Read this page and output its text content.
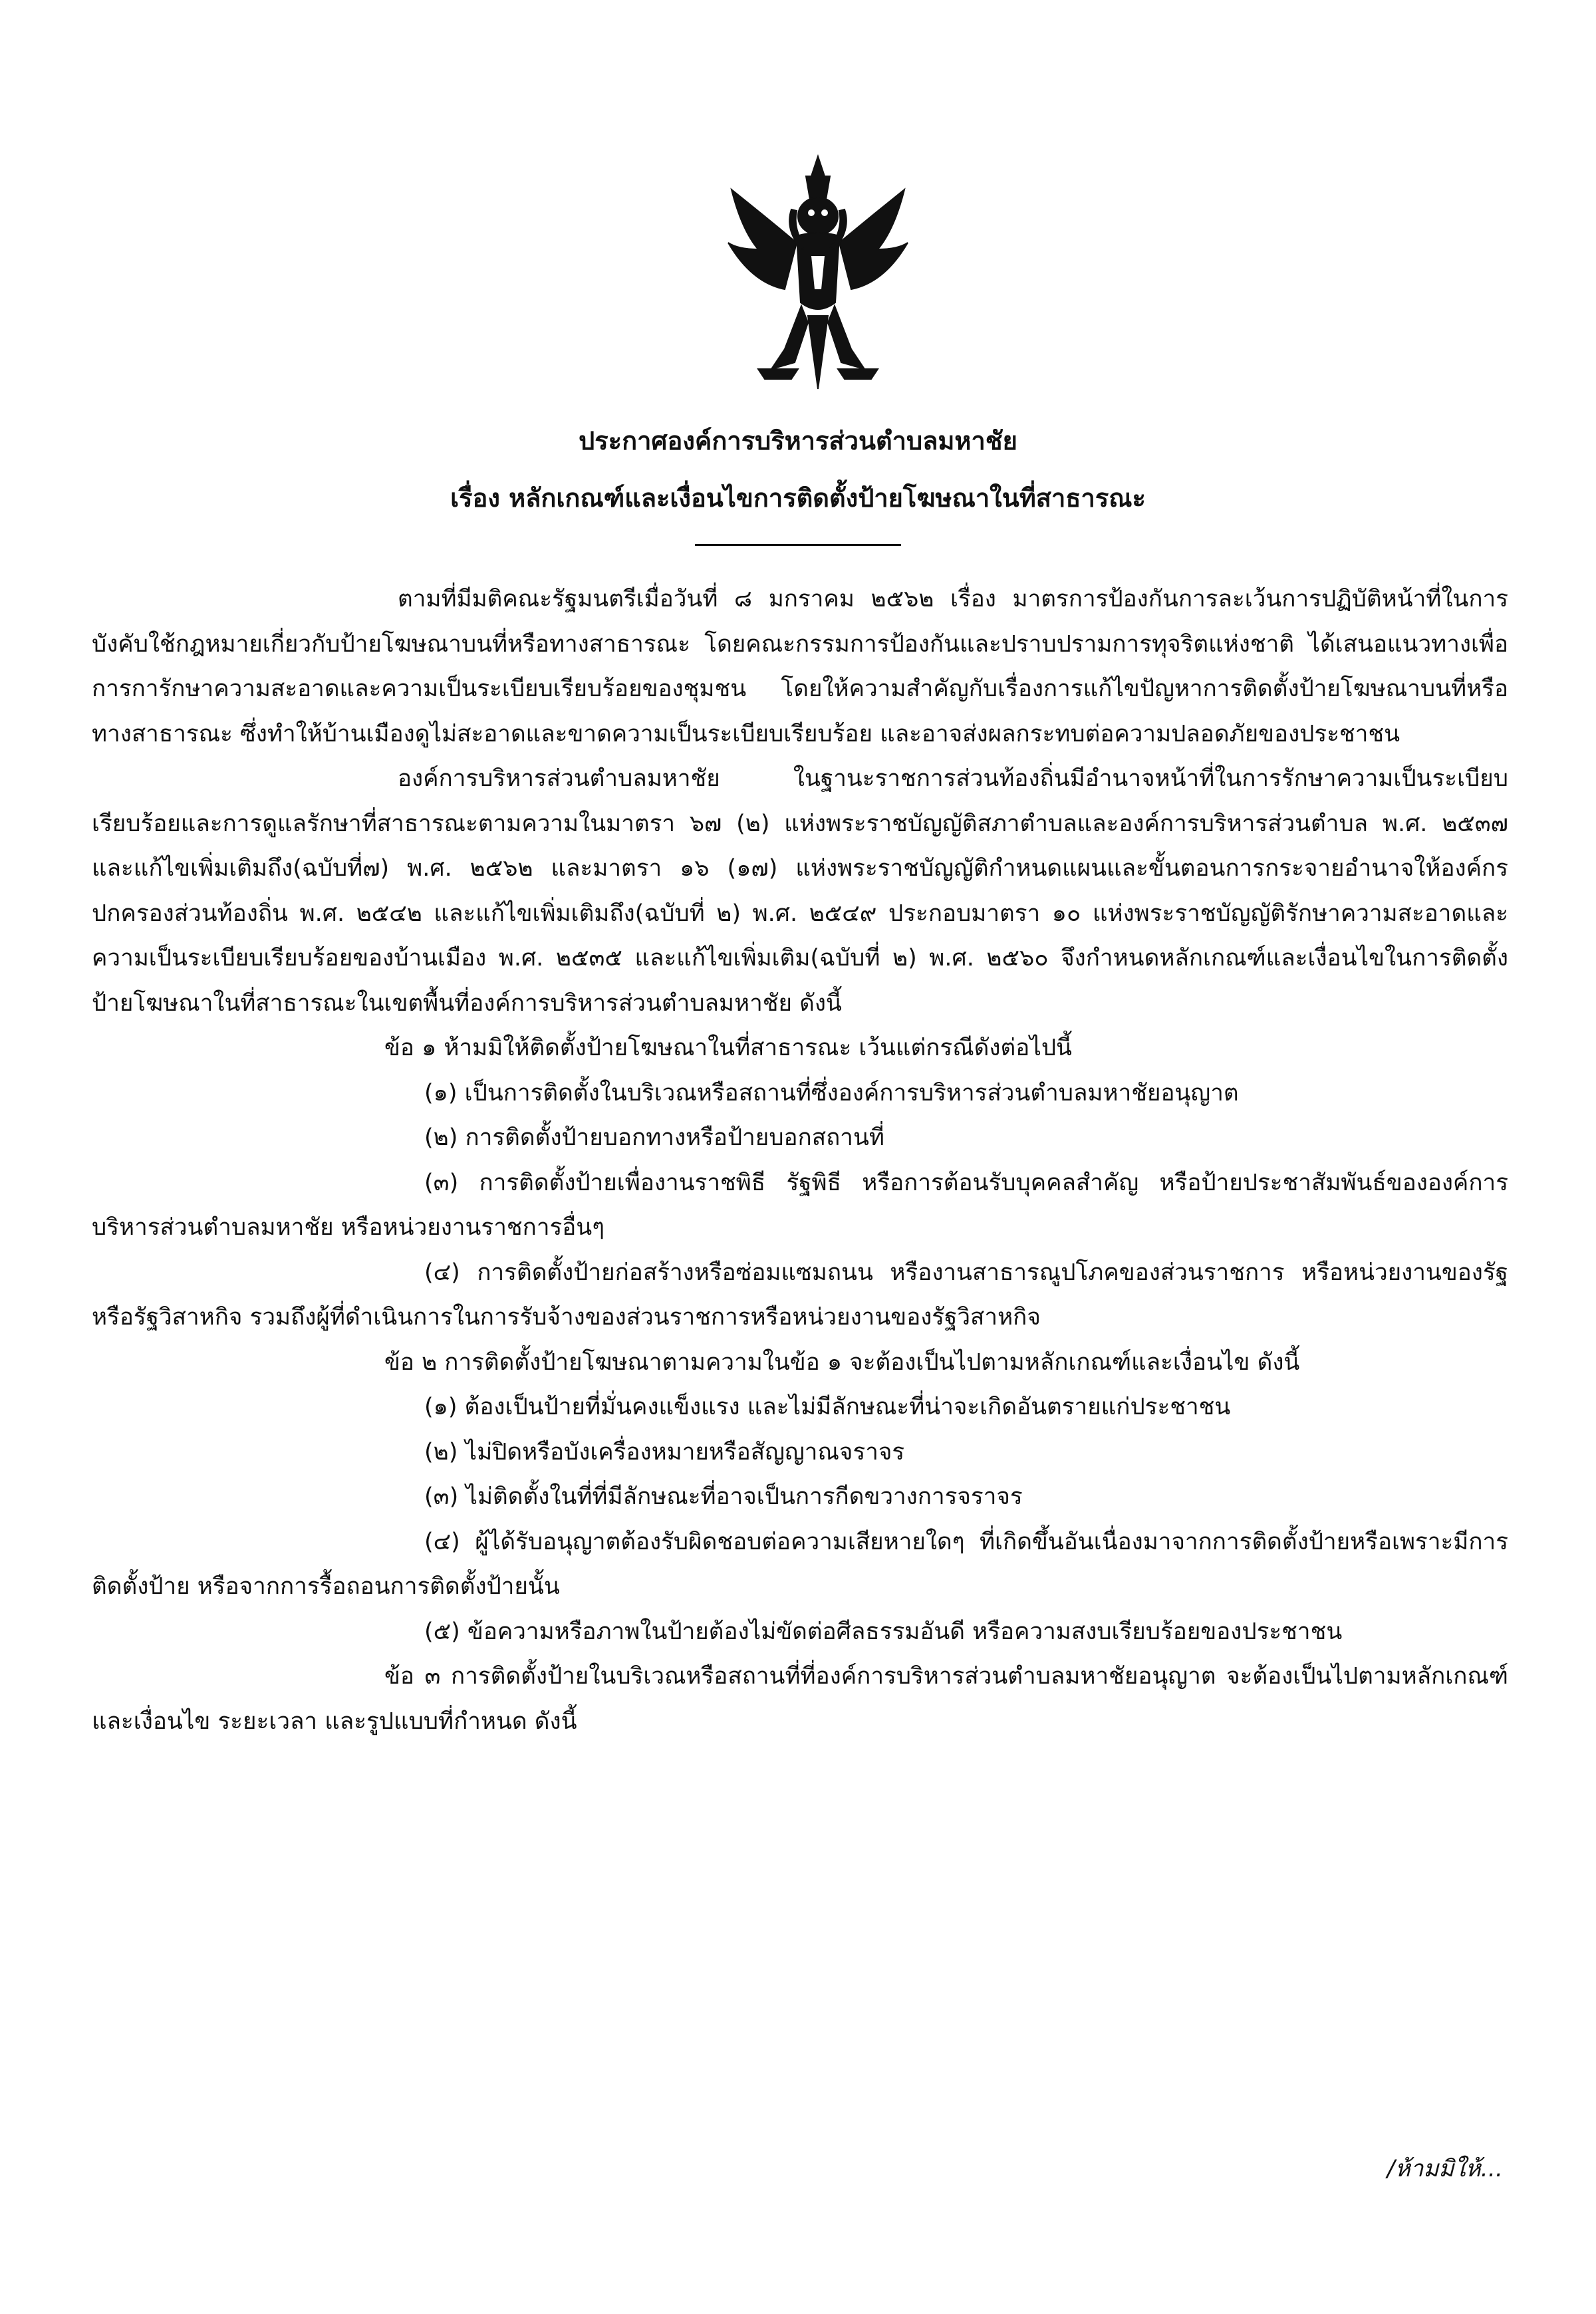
ประกาศองค์การบริหารส่วนตำบลมหาชัย
เรื่อง หลักเกณฑ์และเงื่อนไขการติดตั้งป้ายโฆษณาในที่สาธารณะ

ตามที่มีมติคณะรัฐมนตรีเมื่อวันที่ ๘ มกราคม ๒๕๖๒ เรื่อง มาตรการป้องกันการละเว้นการปฏิบัติหน้าที่ในการบังคับใช้กฎหมายเกี่ยวกับป้ายโฆษณาบนที่หรือทางสาธารณะ โดยคณะกรรมการป้องกันและปราบปรามการทุจริตแห่งชาติ ได้เสนอแนวทางเพื่อการการักษาความสะอาดและความเป็นระเบียบเรียบร้อยของชุมชน โดยให้ความสำคัญกับเรื่องการแก้ไขปัญหาการติดตั้งป้ายโฆษณาบนที่หรือทางสาธารณะ ซึ่งทำให้บ้านเมืองดูไม่สะอาดและขาดความเป็นระเบียบเรียบร้อย และอาจส่งผลกระทบต่อความปลอดภัยของประชาชน

องค์การบริหารส่วนตำบลมหาชัย ในฐานะราชการส่วนท้องถิ่นมีอำนาจหน้าที่ในการรักษาความเป็นระเบียบเรียบร้อยและการดูแลรักษาที่สาธารณะตามความในมาตรา ๖๗ (๒) แห่งพระราชบัญญัติสภาตำบลและองค์การบริหารส่วนตำบล พ.ศ. ๒๕๓๗ และแก้ไขเพิ่มเติมถึง(ฉบับที่๗) พ.ศ. ๒๕๖๒ และมาตรา ๑๖ (๑๗) แห่งพระราชบัญญัติกำหนดแผนและขั้นตอนการกระจายอำนาจให้องค์กรปกครองส่วนท้องถิ่น พ.ศ. ๒๕๔๒ และแก้ไขเพิ่มเติมถึง(ฉบับที่ ๒) พ.ศ. ๒๕๔๙ ประกอบมาตรา ๑๐ แห่งพระราชบัญญัติรักษาความสะอาดและความเป็นระเบียบเรียบร้อยของบ้านเมือง พ.ศ. ๒๕๓๕ และแก้ไขเพิ่มเติม(ฉบับที่ ๒) พ.ศ. ๒๕๖๐ จึงกำหนดหลักเกณฑ์และเงื่อนไขในการติดตั้งป้ายโฆษณาในที่สาธารณะในเขตพื้นที่องค์การบริหารส่วนตำบลมหาชัย ดังนี้

ข้อ ๑ ห้ามมิให้ติดตั้งป้ายโฆษณาในที่สาธารณะ เว้นแต่กรณีดังต่อไปนี้

(๑) เป็นการติดตั้งในบริเวณหรือสถานที่ซึ่งองค์การบริหารส่วนตำบลมหาชัยอนุญาต

(๒) การติดตั้งป้ายบอกทางหรือป้ายบอกสถานที่

(๓) การติดตั้งป้ายเพื่องานราชพิธี รัฐพิธี หรือการต้อนรับบุคคลสำคัญ หรือป้ายประชาสัมพันธ์ขององค์การบริหารส่วนตำบลมหาชัย หรือหน่วยงานราชการอื่นๆ

(๔) การติดตั้งป้ายก่อสร้างหรือซ่อมแซมถนน หรืองานสาธารณูปโภคของส่วนราชการ หรือหน่วยงานของรัฐหรือรัฐวิสาหกิจ รวมถึงผู้ที่ดำเนินการในการรับจ้างของส่วนราชการหรือหน่วยงานของรัฐวิสาหกิจ

ข้อ ๒ การติดตั้งป้ายโฆษณาตามความในข้อ ๑ จะต้องเป็นไปตามหลักเกณฑ์และเงื่อนไข ดังนี้

(๑) ต้องเป็นป้ายที่มั่นคงแข็งแรง และไม่มีลักษณะที่น่าจะเกิดอันตรายแก่ประชาชน

(๒) ไม่ปิดหรือบังเครื่องหมายหรือสัญญาณจราจร

(๓) ไม่ติดตั้งในที่ที่มีลักษณะที่อาจเป็นการกีดขวางการจราจร

(๔) ผู้ได้รับอนุญาตต้องรับผิดชอบต่อความเสียหายใดๆ ที่เกิดขึ้นอันเนื่องมาจากการติดตั้งป้ายหรือเพราะมีการติดตั้งป้าย หรือจากการรื้อถอนการติดตั้งป้ายนั้น

(๕) ข้อความหรือภาพในป้ายต้องไม่ขัดต่อศีลธรรมอันดี หรือความสงบเรียบร้อยของประชาชน

ข้อ ๓ การติดตั้งป้ายในบริเวณหรือสถานที่ที่องค์การบริหารส่วนตำบลมหาชัยอนุญาต จะต้องเป็นไปตามหลักเกณฑ์และเงื่อนไข ระยะเวลา และรูปแบบที่กำหนด ดังนี้

/ห้ามมิให้...
